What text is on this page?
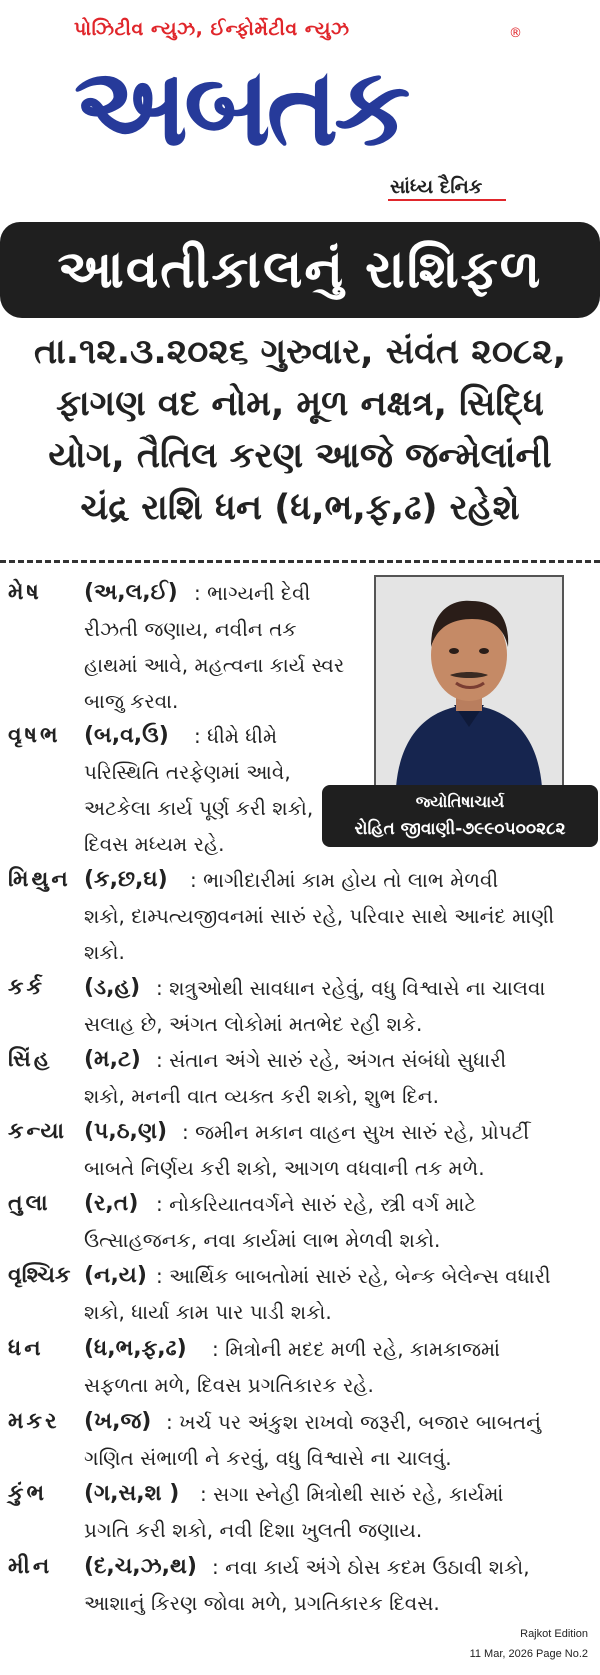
પોઝિટીવ ન્યુઝ, ઈન્ફોર્મેટીવ ન્યુઝ	®
અબતક
સાંધ્ય દૈનિક
આવતીકાલનું રાશિફળ
તા.૧૨.૩.૨૦૨૬ ગુરુવાર, સંવંત ૨૦૮૨,
ફાગણ વદ નોમ, મૂળ નક્ષત્ર, સિદ્ધિ
યોગ, તૈતિલ કરણ આજે જન્મેલાંની
ચંદ્ર રાશિ ધન (ધ,ભ,ફ,ઢ) રહેશે
જ્યોતિષાચાર્ય
રોહિત જીવાણી-૭૯૯૦૫૦૦૨૮૨
મેષ (અ,લ,ઈ) : ભાગ્યની દેવી
રીઝતી જણાય, નવીન તક
હાથમાં આવે, મહત્વના કાર્ય સ્વર
બાજુ કરવા.
વૃષભ (બ,વ,ઉ)	: ધીમે ધીમે
પરિસ્થિતિ તરફેણમાં આવે,
અટકેલા કાર્ય પૂર્ણ કરી શકો,
દિવસ મધ્યમ રહે.
મિથુન (ક,છ,ઘ)	: ભાગીદારીમાં કામ હોય તો લાભ મેળવી
શકો, દામ્પત્યજીવનમાં સારું રહે, પરિવાર સાથે આનંદ માણી
શકો.
કર્ક (ડ,હ) : શત્રુઓથી સાવધાન રહેવું, વધુ વિશ્વાસે ના ચાલવા
સલાહ છે, અંગત લોકોમાં મતભેદ રહી શકે.
સિંહ (મ,ટ) : સંતાન અંગે સારું રહે, અંગત સંબંધો સુધારી
શકો, મનની વાત વ્યક્ત કરી શકો, શુભ દિન.
કન્યા (પ,ઠ,ણ) : જમીન મકાન વાહન સુખ સારું રહે, પ્રોપર્ટી
બાબતે નિર્ણય કરી શકો, આગળ વધવાની તક મળે.
તુલા (ર,ત) : નોકરિયાતવર્ગને સારું રહે, સ્ત્રી વર્ગ માટે
ઉત્સાહજનક, નવા કાર્યમાં લાભ મેળવી શકો.
વૃશ્ચિક (ન,ય) : આર્થિક બાબતોમાં સારું રહે, બેન્ક બેલેન્સ વધારી
શકો, ધાર્યા કામ પાર પાડી શકો.
ધન (ધ,ભ,ફ,ઢ)	: મિત્રોની મદદ મળી રહે, કામકાજમાં
સફળતા મળે, દિવસ પ્રગતિકારક રહે.
મકર (ખ,જ) : ખર્ચ પર અંકુશ રાખવો જરૂરી, બજાર બાબતનું
ગણિત સંભાળી ને કરવું, વધુ વિશ્વાસે ના ચાલવું.
કુંભ (ગ,સ,શ )	: સગા સ્નેહી મિત્રોથી સારું રહે, કાર્યમાં
પ્રગતિ કરી શકો, નવી દિશા ખુલતી જણાય.
મીન (દ,ચ,ઝ,થ) : નવા કાર્ય અંગે ઠોસ કદમ ઉઠાવી શકો,
આશાનું કિરણ જોવા મળે, પ્રગતિકારક દિવસ.
Rajkot Edition
11 Mar, 2026 Page No.2
